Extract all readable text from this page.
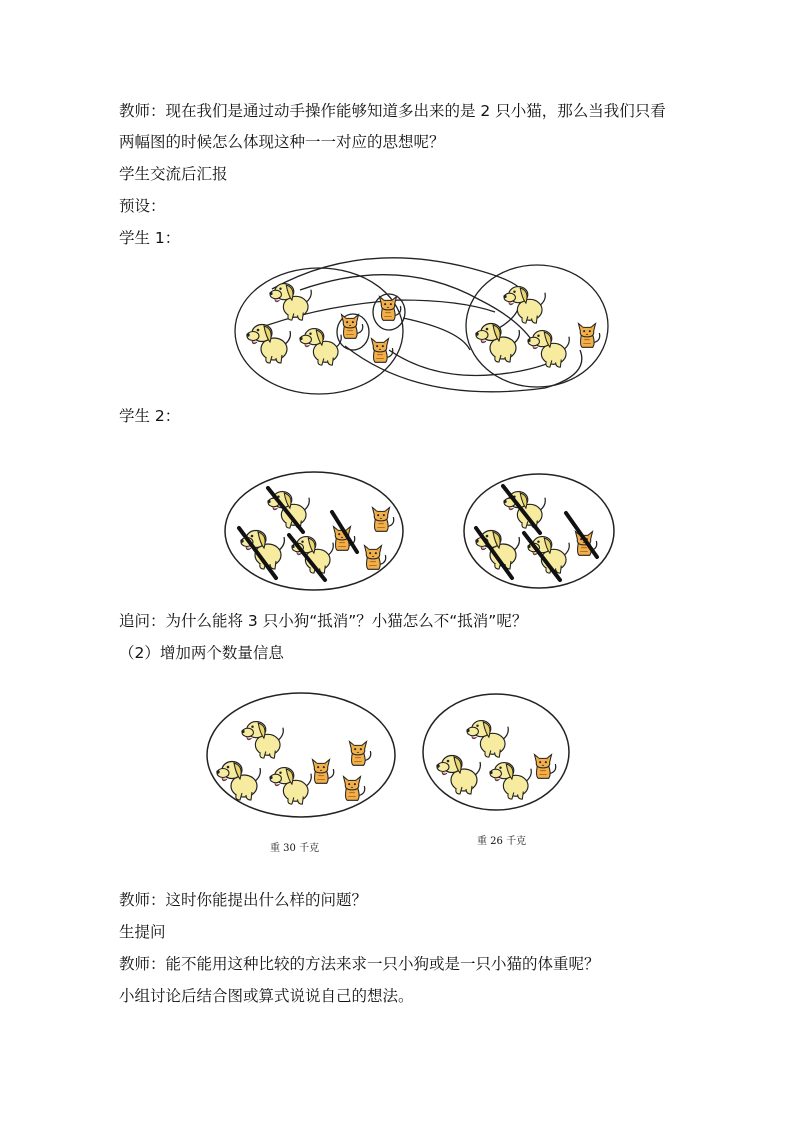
教师：现在我们是通过动手操作能够知道多出来的是 2 只小猫，那么当我们只看
两幅图的时候怎么体现这种一一对应的思想呢？
学生交流后汇报
预设：
学生 1：
学生 2：
追问：为什么能将 3 只小狗“抵消”？小猫怎么不“抵消”呢？
（2）增加两个数量信息
教师：这时你能提出什么样的问题？
生提问
教师：能不能用这种比较的方法来求一只小狗或是一只小猫的体重呢？
小组讨论后结合图或算式说说自己的想法。
重 30 千克
重 26 千克
